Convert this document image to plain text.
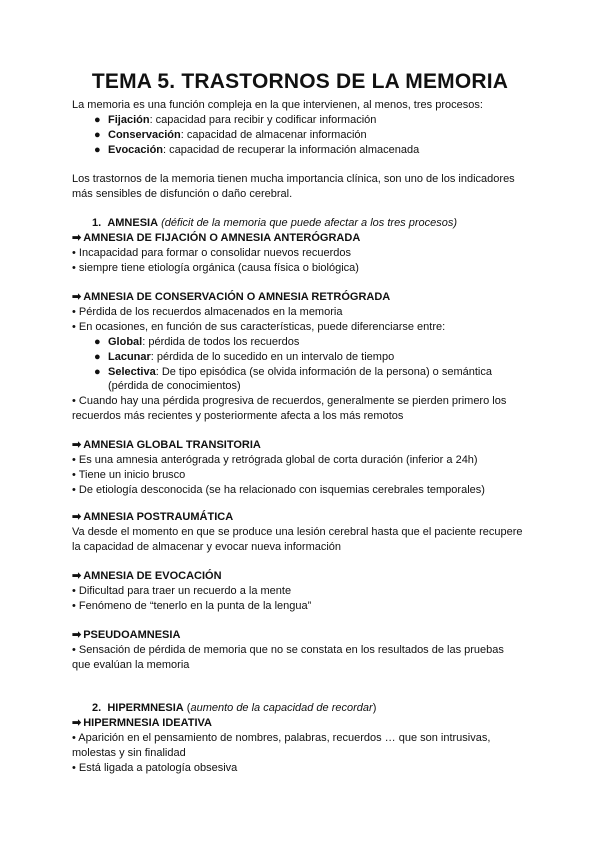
TEMA 5. TRASTORNOS DE LA MEMORIA
La memoria es una función compleja en la que intervienen, al menos, tres procesos:
● Fijación: capacidad para recibir y codificar información
● Conservación: capacidad de almacenar información
● Evocación: capacidad de recuperar la información almacenada
Los trastornos de la memoria tienen mucha importancia clínica, son uno de los indicadores
más sensibles de disfunción o daño cerebral.
1. AMNESIA (déficit de la memoria que puede afectar a los tres procesos)
➡ AMNESIA DE FIJACIÓN O AMNESIA ANTERÓGRADA
• Incapacidad para formar o consolidar nuevos recuerdos
• siempre tiene etiología orgánica (causa física o biológica)
➡ AMNESIA DE CONSERVACIÓN O AMNESIA RETRÓGRADA
• Pérdida de los recuerdos almacenados en la memoria
• En ocasiones, en función de sus características, puede diferenciarse entre:
● Global: pérdida de todos los recuerdos
● Lacunar: pérdida de lo sucedido en un intervalo de tiempo
● Selectiva: De tipo episódica (se olvida información de la persona) o semántica
(pérdida de conocimientos)
• Cuando hay una pérdida progresiva de recuerdos, generalmente se pierden primero los
recuerdos más recientes y posteriormente afecta a los más remotos
➡ AMNESIA GLOBAL TRANSITORIA
• Es una amnesia anterógrada y retrógrada global de corta duración (inferior a 24h)
• Tiene un inicio brusco
• De etiología desconocida (se ha relacionado con isquemias cerebrales temporales)
➡ AMNESIA POSTRAUMÁTICA
Va desde el momento en que se produce una lesión cerebral hasta que el paciente recupere
la capacidad de almacenar y evocar nueva información
➡ AMNESIA DE EVOCACIÓN
• Dificultad para traer un recuerdo a la mente
• Fenómeno de “tenerlo en la punta de la lengua”
➡ PSEUDOAMNESIA
• Sensación de pérdida de memoria que no se constata en los resultados de las pruebas
que evalúan la memoria
2. HIPERMNESIA (aumento de la capacidad de recordar)
➡ HIPERMNESIA IDEATIVA
• Aparición en el pensamiento de nombres, palabras, recuerdos … que son intrusivas,
molestas y sin finalidad
• Está ligada a patología obsesiva
